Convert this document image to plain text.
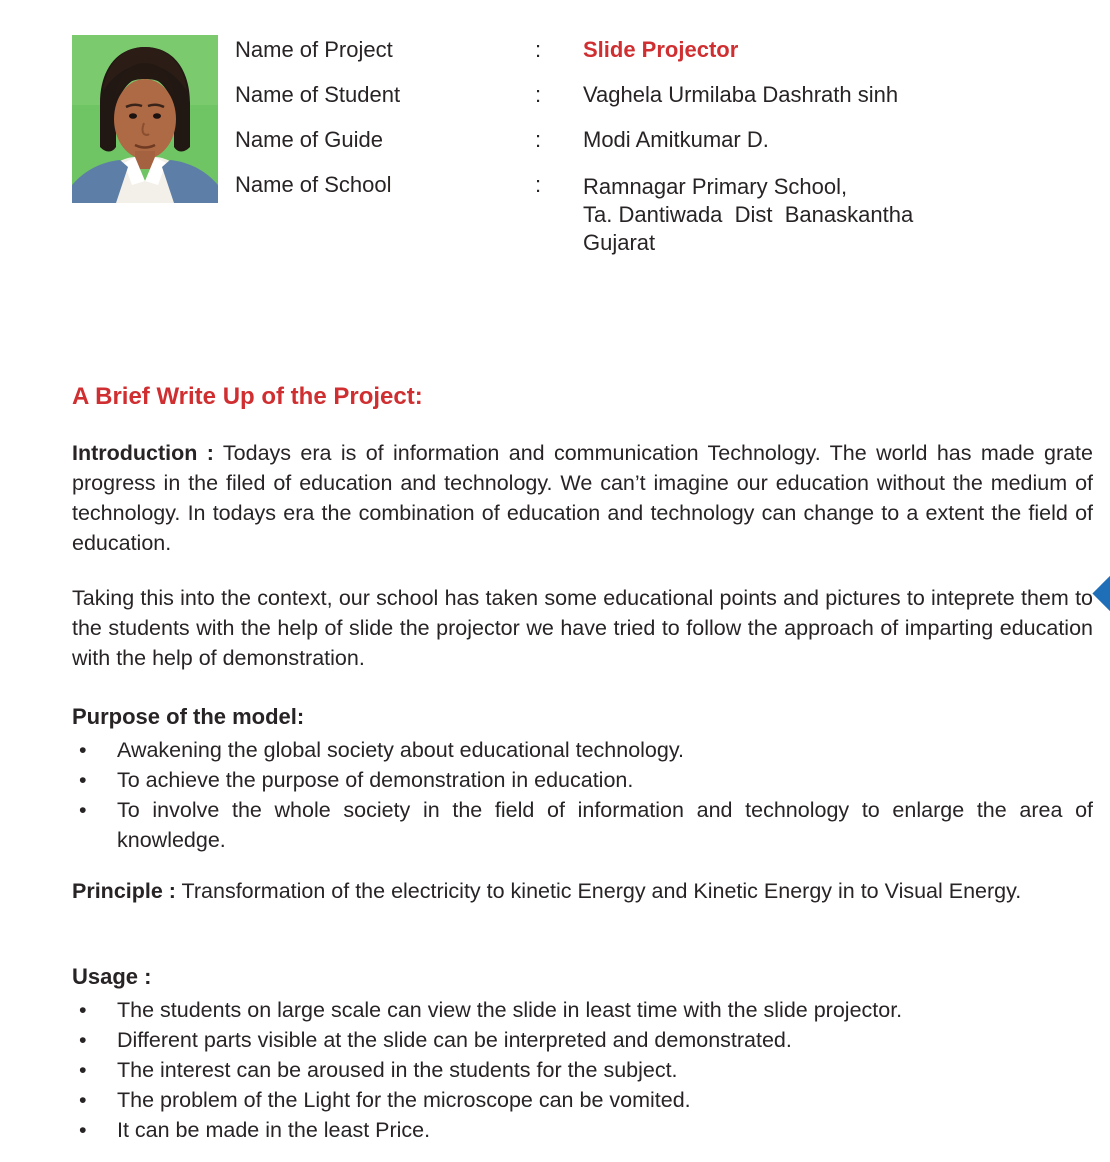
Name of Project	:	Slide Projector
Name of Student	:	Vaghela Urmilaba Dashrath sinh
Name of Guide	:	Modi Amitkumar D.
Name of School	:	Ramnagar Primary School,
Ta. Dantiwada  Dist  Banaskantha
Gujarat
A Brief Write Up of the Project:
Introduction : Todays era is of information and communication Technology. The world has made grate progress in the filed of education and technology. We can’t imagine our education without the medium of technology. In todays era the combination of education and technology can change to a extent the field of education.
Taking this into the context, our school has taken some educational points and pictures to inteprete them to the students with the help of slide the projector we have tried to follow the approach of imparting education with the help of demonstration.
Purpose of the model:
•	Awakening the global society about educational technology.
•	To achieve the purpose of demonstration in education.
•	To involve the whole society in the field of information and technology to enlarge the area of knowledge.
Principle : Transformation of the electricity to kinetic Energy and Kinetic Energy in to Visual Energy.
Usage :
•	The students on large scale can view the slide in least time with the slide projector.
•	Different parts visible at the slide can be interpreted and demonstrated.
•	The interest can be aroused in the students for the subject.
•	The problem of the Light for the microscope can be vomited.
•	It can be made in the least Price.
